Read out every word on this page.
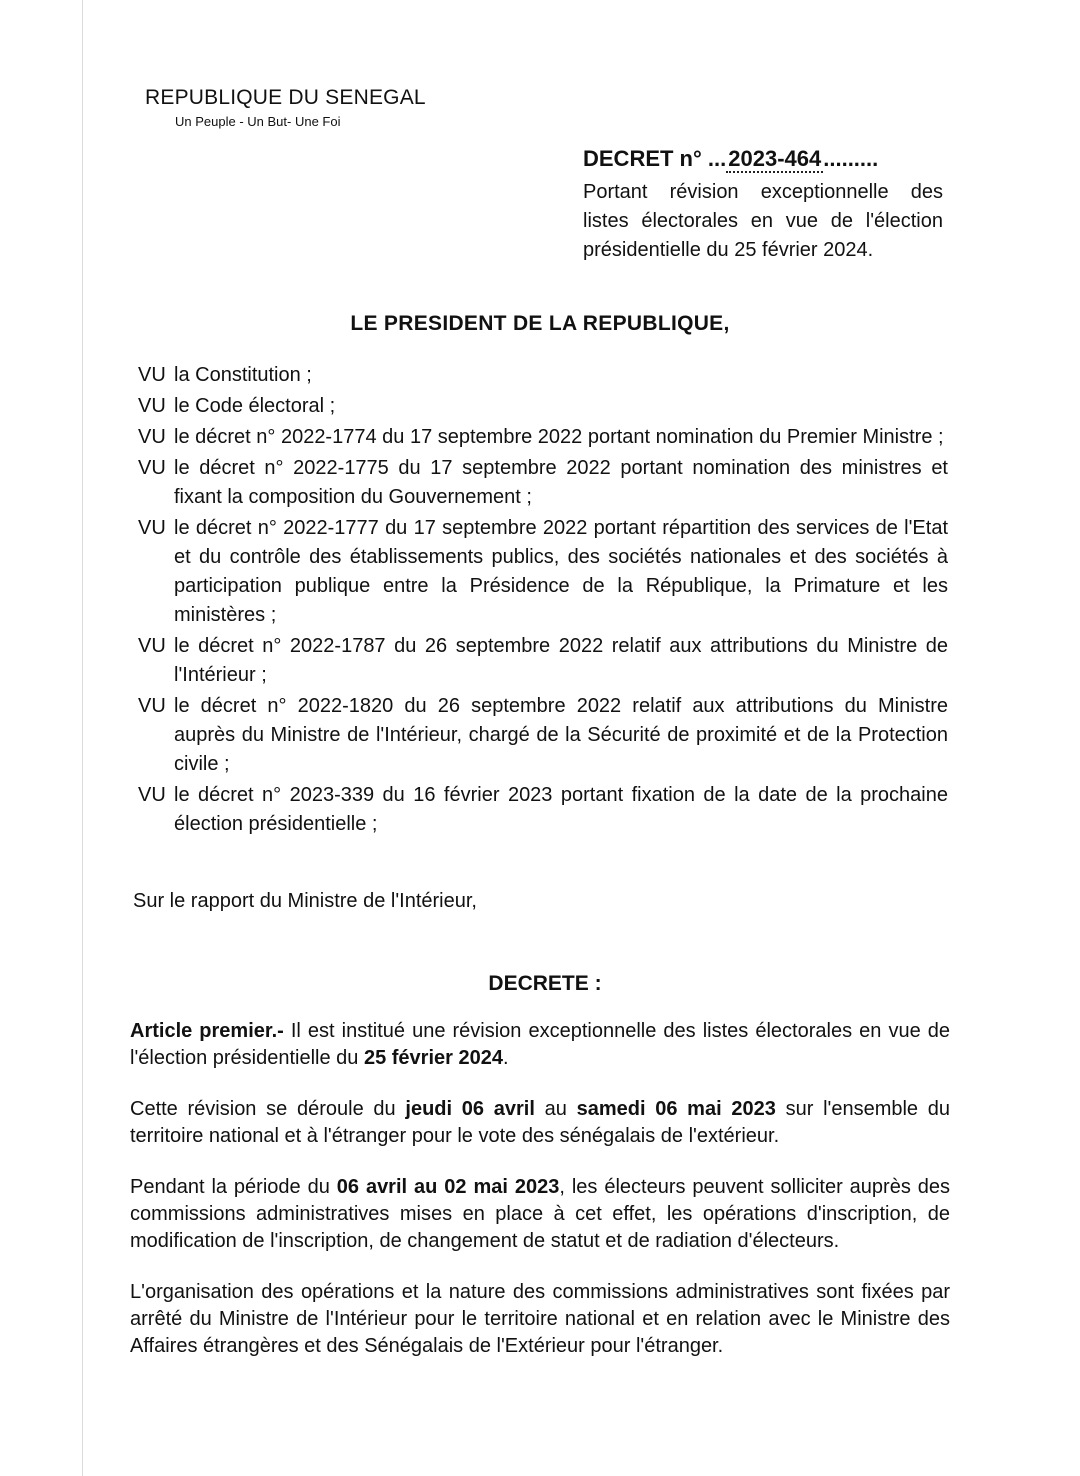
REPUBLIQUE DU SENEGAL
Un Peuple - Un But- Une Foi
DECRET n° ...2023-464.........
Portant révision exceptionnelle des listes électorales en vue de l'élection présidentielle du 25 février 2024.
LE PRESIDENT DE LA REPUBLIQUE,
VU la Constitution ;
VU le Code électoral ;
VU le décret n° 2022-1774 du 17 septembre 2022 portant nomination du Premier Ministre ;
VU le décret n° 2022-1775 du 17 septembre 2022 portant nomination des ministres et fixant la composition du Gouvernement ;
VU le décret n° 2022-1777 du 17 septembre 2022 portant répartition des services de l'Etat et du contrôle des établissements publics, des sociétés nationales et des sociétés à participation publique entre la Présidence de la République, la Primature et les ministères ;
VU le décret n° 2022-1787 du 26 septembre 2022 relatif aux attributions du Ministre de l'Intérieur ;
VU le décret n° 2022-1820 du 26 septembre 2022 relatif aux attributions du Ministre auprès du Ministre de l'Intérieur, chargé de la Sécurité de proximité et de la Protection civile ;
VU le décret n° 2023-339 du 16 février 2023 portant fixation de la date de la prochaine élection présidentielle ;
Sur le rapport du Ministre de l'Intérieur,
DECRETE :

Article premier.- Il est institué une révision exceptionnelle des listes électorales en vue de l'élection présidentielle du 25 février 2024.

Cette révision se déroule du jeudi 06 avril au samedi 06 mai 2023 sur l'ensemble du territoire national et à l'étranger pour le vote des sénégalais de l'extérieur.

Pendant la période du 06 avril au 02 mai 2023, les électeurs peuvent solliciter auprès des commissions administratives mises en place à cet effet, les opérations d'inscription, de modification de l'inscription, de changement de statut et de radiation d'électeurs.

L'organisation des opérations et la nature des commissions administratives sont fixées par arrêté du Ministre de l'Intérieur pour le territoire national et en relation avec le Ministre des Affaires étrangères et des Sénégalais de l'Extérieur pour l'étranger.
